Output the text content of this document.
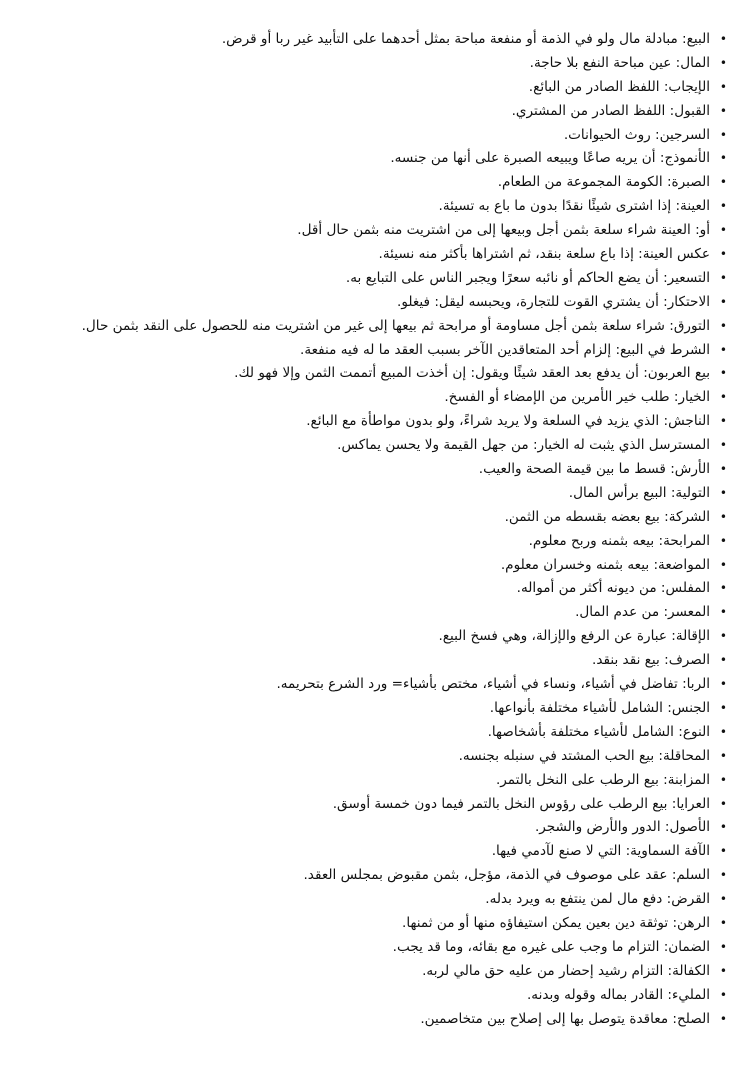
•
البيع: مبادلة مال ولو في الذمة أو منفعة مباحة بمثل أحدهما على التأبيد غير ربا أو قرض.
•
المال: عين مباحة النفع بلا حاجة.
•
الإيجاب: اللفظ الصادر من البائع.
•
القبول: اللفظ الصادر من المشتري.
•
السرجين: روث الحيوانات.
•
الأنموذج: أن يريه صاعًا ويبيعه الصبرة على أنها من جنسه.
•
الصبرة: الكومة المجموعة من الطعام.
•
العينة: إذا اشترى شيئًا نقدًا بدون ما باع به تسيئة.
•
أو: العينة شراء سلعة بثمن أجل وبيعها إلى من اشتريت منه بثمن حال أقل.
•
عكس العينة: إذا باع سلعة بنقد، ثم اشتراها بأكثر منه نسيئة.
•
التسعير: أن يضع الحاكم أو نائبه سعرًا ويجبر الناس على التبايع به.
•
الاحتكار: أن يشتري القوت للتجارة، ويحبسه ليقل: فيغلو.
•
التورق: شراء سلعة بثمن أجل مساومة أو مرابحة ثم بيعها إلى غير من اشتريت منه للحصول على النقد بثمن حال.
•
الشرط في البيع: إلزام أحد المتعاقدين الآخر بسبب العقد ما له فيه منفعة.
•
بيع العربون: أن يدفع بعد العقد شيئًا ويقول: إن أخذت المبيع أتممت الثمن وإلا فهو لك.
•
الخيار: طلب خير الأمرين من الإمضاء أو الفسخ.
•
الناجش: الذي يزيد في السلعة ولا يريد شراءً، ولو بدون مواطأة مع البائع.
•
المسترسل الذي يثبت له الخيار: من جهل القيمة ولا يحسن يماكس.
•
الأرش: قسط ما بين قيمة الصحة والعيب.
•
التولية: البيع برأس المال.
•
الشركة: بيع بعضه بقسطه من الثمن.
•
المرابحة: بيعه بثمنه وربح معلوم.
•
المواضعة: بيعه بثمنه وخسران معلوم.
•
المفلس: من ديونه أكثر من أمواله.
•
المعسر: من عدم المال.
•
الإقالة: عبارة عن الرفع والإزالة، وهي فسخ البيع.
•
الصرف: بيع نقد بنقد.
•
الربا: تفاضل في أشياء، ونساء في أشياء، مختص بأشياء= ورد الشرع بتحريمه.
•
الجنس: الشامل لأشياء مختلفة بأنواعها.
•
النوع: الشامل لأشياء مختلفة بأشخاصها.
•
المحاقلة: بيع الحب المشتد في سنبله بجنسه.
•
المزابنة: بيع الرطب على النخل بالتمر.
•
العرايا: بيع الرطب على رؤوس النخل بالتمر فيما دون خمسة أوسق.
•
الأصول: الدور والأرض والشجر.
•
الآفة السماوية: التي لا صنع لآدمي فيها.
•
السلم: عقد على موصوف في الذمة، مؤجل، بثمن مقبوض بمجلس العقد.
•
القرض: دفع مال لمن ينتفع به ويرد بدله.
•
الرهن: توثقة دين بعين يمكن استيفاؤه منها أو من ثمنها.
•
الضمان: التزام ما وجب على غيره مع بقائه، وما قد يجب.
•
الكفالة: التزام رشيد إحضار من عليه حق مالي لربه.
•
المليء: القادر بماله وقوله وبدنه.
•
الصلح: معاقدة يتوصل بها إلى إصلاح بين متخاصمين.
